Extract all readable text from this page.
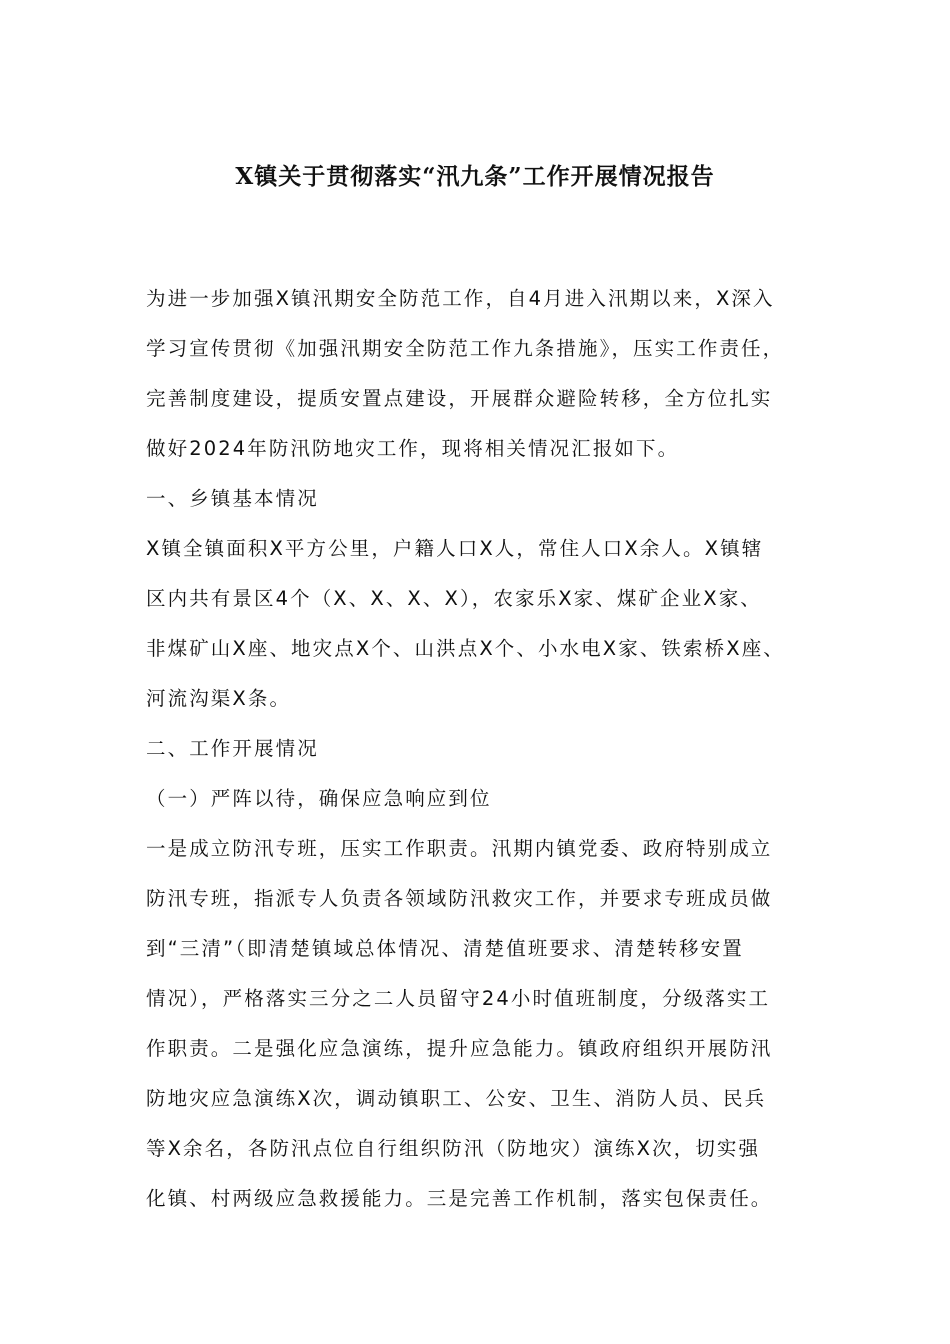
X镇关于贯彻落实“汛九条”工作开展情况报告
为进一步加强X镇汛期安全防范工作，自4月进入汛期以来，X深入
学习宣传贯彻《加强汛期安全防范工作九条措施》，压实工作责任，
完善制度建设，提质安置点建设，开展群众避险转移，全方位扎实
做好2024年防汛防地灾工作，现将相关情况汇报如下。
一、乡镇基本情况
X镇全镇面积X平方公里，户籍人口X人，常住人口X余人。X镇辖
区内共有景区4个（X、X、X、X），农家乐X家、煤矿企业X家、
非煤矿山X座、地灾点X个、山洪点X个、小水电X家、铁索桥X座、
河流沟渠X条。
二、工作开展情况
（一）严阵以待，确保应急响应到位
一是成立防汛专班，压实工作职责。汛期内镇党委、政府特别成立
防汛专班，指派专人负责各领域防汛救灾工作，并要求专班成员做
到“三清”（即清楚镇域总体情况、清楚值班要求、清楚转移安置
情况），严格落实三分之二人员留守24小时值班制度，分级落实工
作职责。二是强化应急演练，提升应急能力。镇政府组织开展防汛
防地灾应急演练X次，调动镇职工、公安、卫生、消防人员、民兵
等X余名，各防汛点位自行组织防汛（防地灾）演练X次，切实强
化镇、村两级应急救援能力。三是完善工作机制，落实包保责任。
